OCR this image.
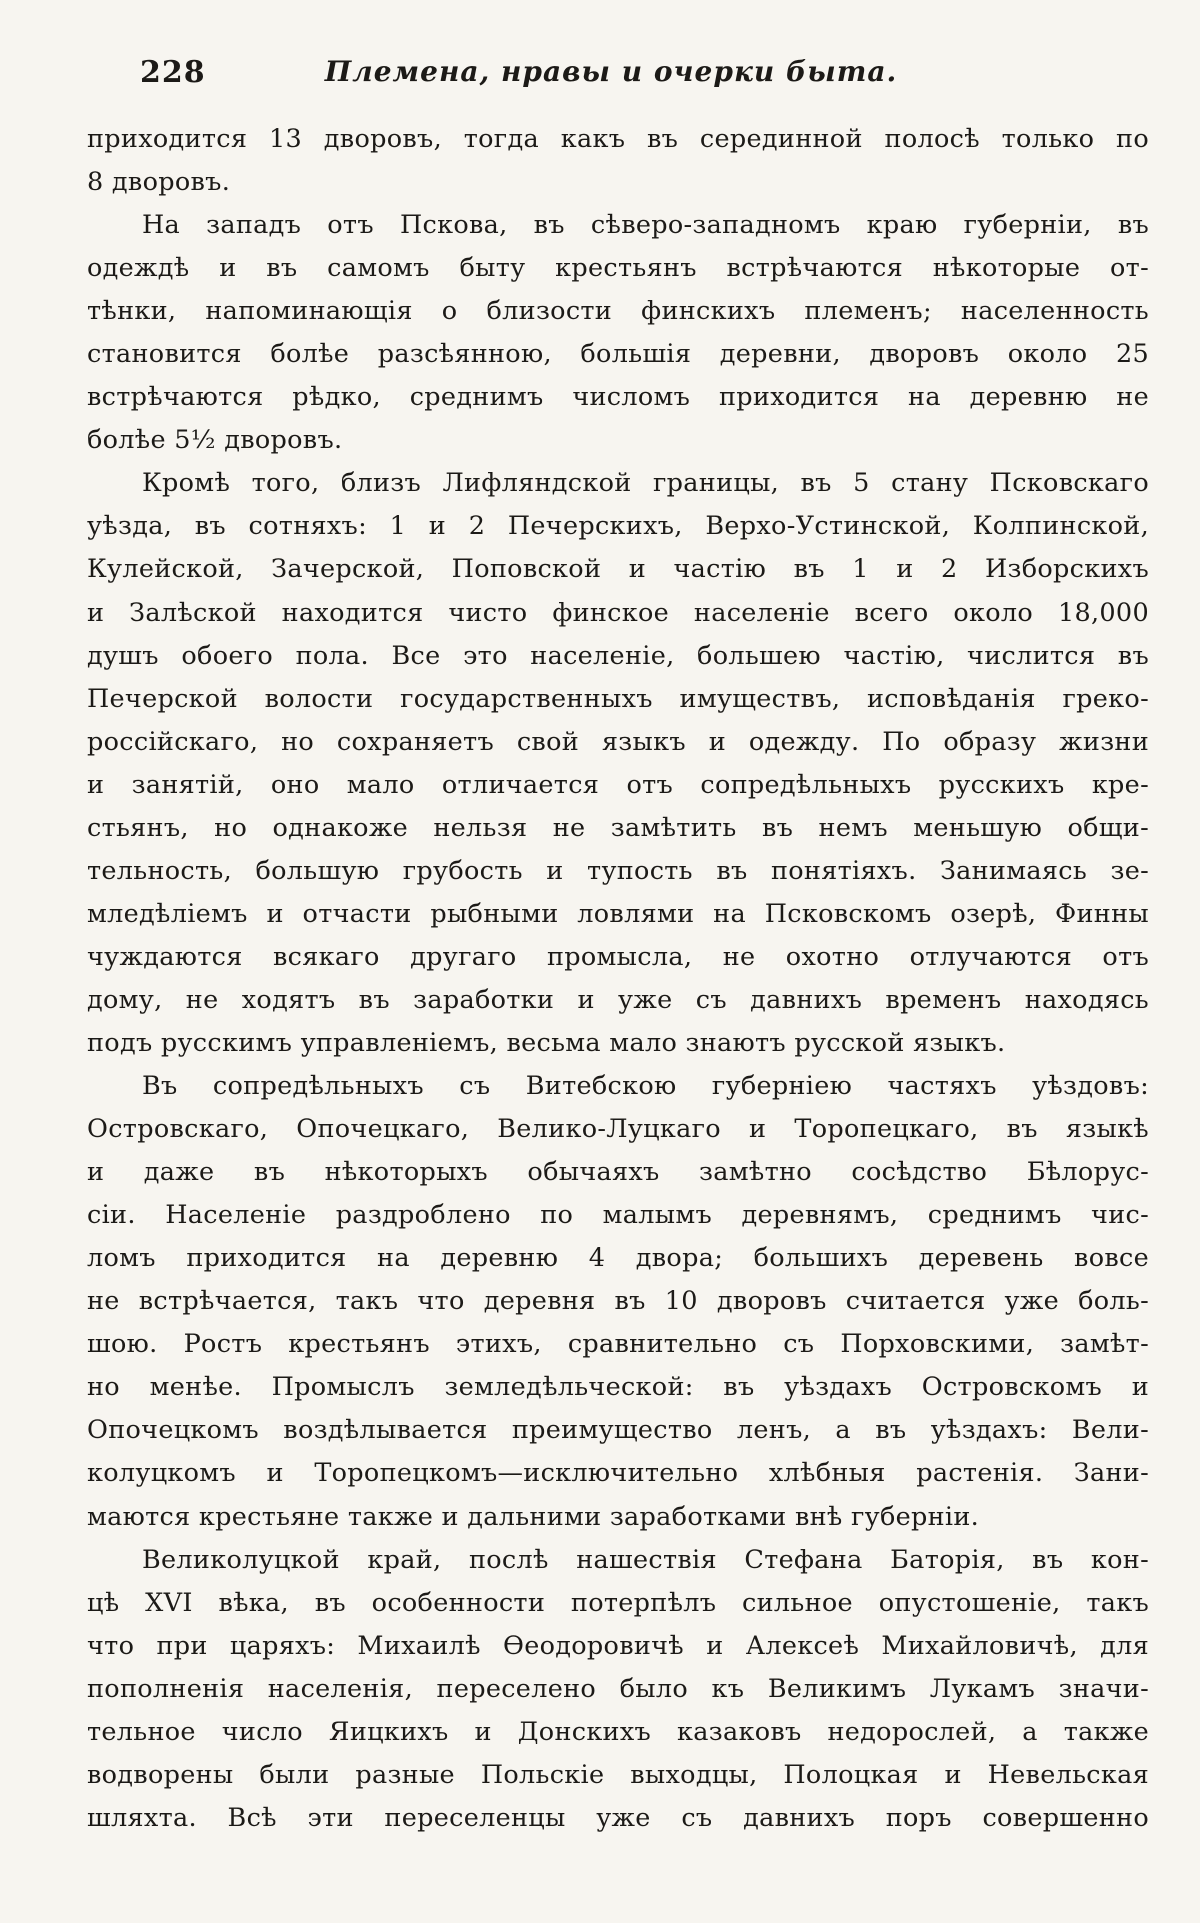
228	Племена, нравы и очерки быта.
приходится 13 дворовъ, тогда какъ въ серединной полосѣ только по
8 дворовъ.
На западъ отъ Пскова, въ сѣверо-западномъ краю губерніи, въ
одеждѣ и въ самомъ быту крестьянъ встрѣчаются нѣкоторые от-
тѣнки, напоминающія о близости финскихъ племенъ; населенность
становится болѣе разсѣянною, большія деревни, дворовъ около 25
встрѣчаются рѣдко, среднимъ числомъ приходится на деревню не
болѣе 5½ дворовъ.
Кромѣ того, близъ Лифляндской границы, въ 5 стану Псковскаго
уѣзда, въ сотняхъ: 1 и 2 Печерскихъ, Верхо-Устинской, Колпинской,
Кулейской, Зачерской, Поповской и частію въ 1 и 2 Изборскихъ
и Залѣской находится чисто финское населеніе всего около 18,000
душъ обоего пола. Все это населеніе, большею частію, числится въ
Печерской волости государственныхъ имуществъ, исповѣданія греко-
россійскаго, но сохраняетъ свой языкъ и одежду. По образу жизни
и занятій, оно мало отличается отъ сопредѣльныхъ русскихъ кре-
стьянъ, но однакоже нельзя не замѣтить въ немъ меньшую общи-
тельность, большую грубость и тупость въ понятіяхъ. Занимаясь зе-
мледѣліемъ и отчасти рыбными ловлями на Псковскомъ озерѣ, Финны
чуждаются всякаго другаго промысла, не охотно отлучаются отъ
дому, не ходятъ въ заработки и уже съ давнихъ временъ находясь
подъ русскимъ управленіемъ, весьма мало знаютъ русской языкъ.
Въ сопредѣльныхъ съ Витебскою губерніею частяхъ уѣздовъ:
Островскаго, Опочецкаго, Велико-Луцкаго и Торопецкаго, въ языкѣ
и даже въ нѣкоторыхъ обычаяхъ замѣтно сосѣдство Бѣлорус-
сіи. Населеніе раздроблено по малымъ деревнямъ, среднимъ чис-
ломъ приходится на деревню 4 двора; большихъ деревень вовсе
не встрѣчается, такъ что деревня въ 10 дворовъ считается уже боль-
шою. Ростъ крестьянъ этихъ, сравнительно съ Порховскими, замѣт-
но менѣе. Промыслъ земледѣльческой: въ уѣздахъ Островскомъ и
Опочецкомъ воздѣлывается преимущество ленъ, а въ уѣздахъ: Вели-
колуцкомъ и Торопецкомъ—исключительно хлѣбныя растенія. Зани-
маются крестьяне также и дальними заработками внѣ губерніи.
Великолуцкой край, послѣ нашествія Стефана Баторія, въ кон-
цѣ XVI вѣка, въ особенности потерпѣлъ сильное опустошеніе, такъ
что при царяхъ: Михаилѣ Ѳеодоровичѣ и Алексеѣ Михайловичѣ, для
пополненія населенія, переселено было къ Великимъ Лукамъ значи-
тельное число Яицкихъ и Донскихъ казаковъ недорослей, а также
водворены были разные Польскіе выходцы, Полоцкая и Невельская
шляхта. Всѣ эти переселенцы уже съ давнихъ поръ совершенно
